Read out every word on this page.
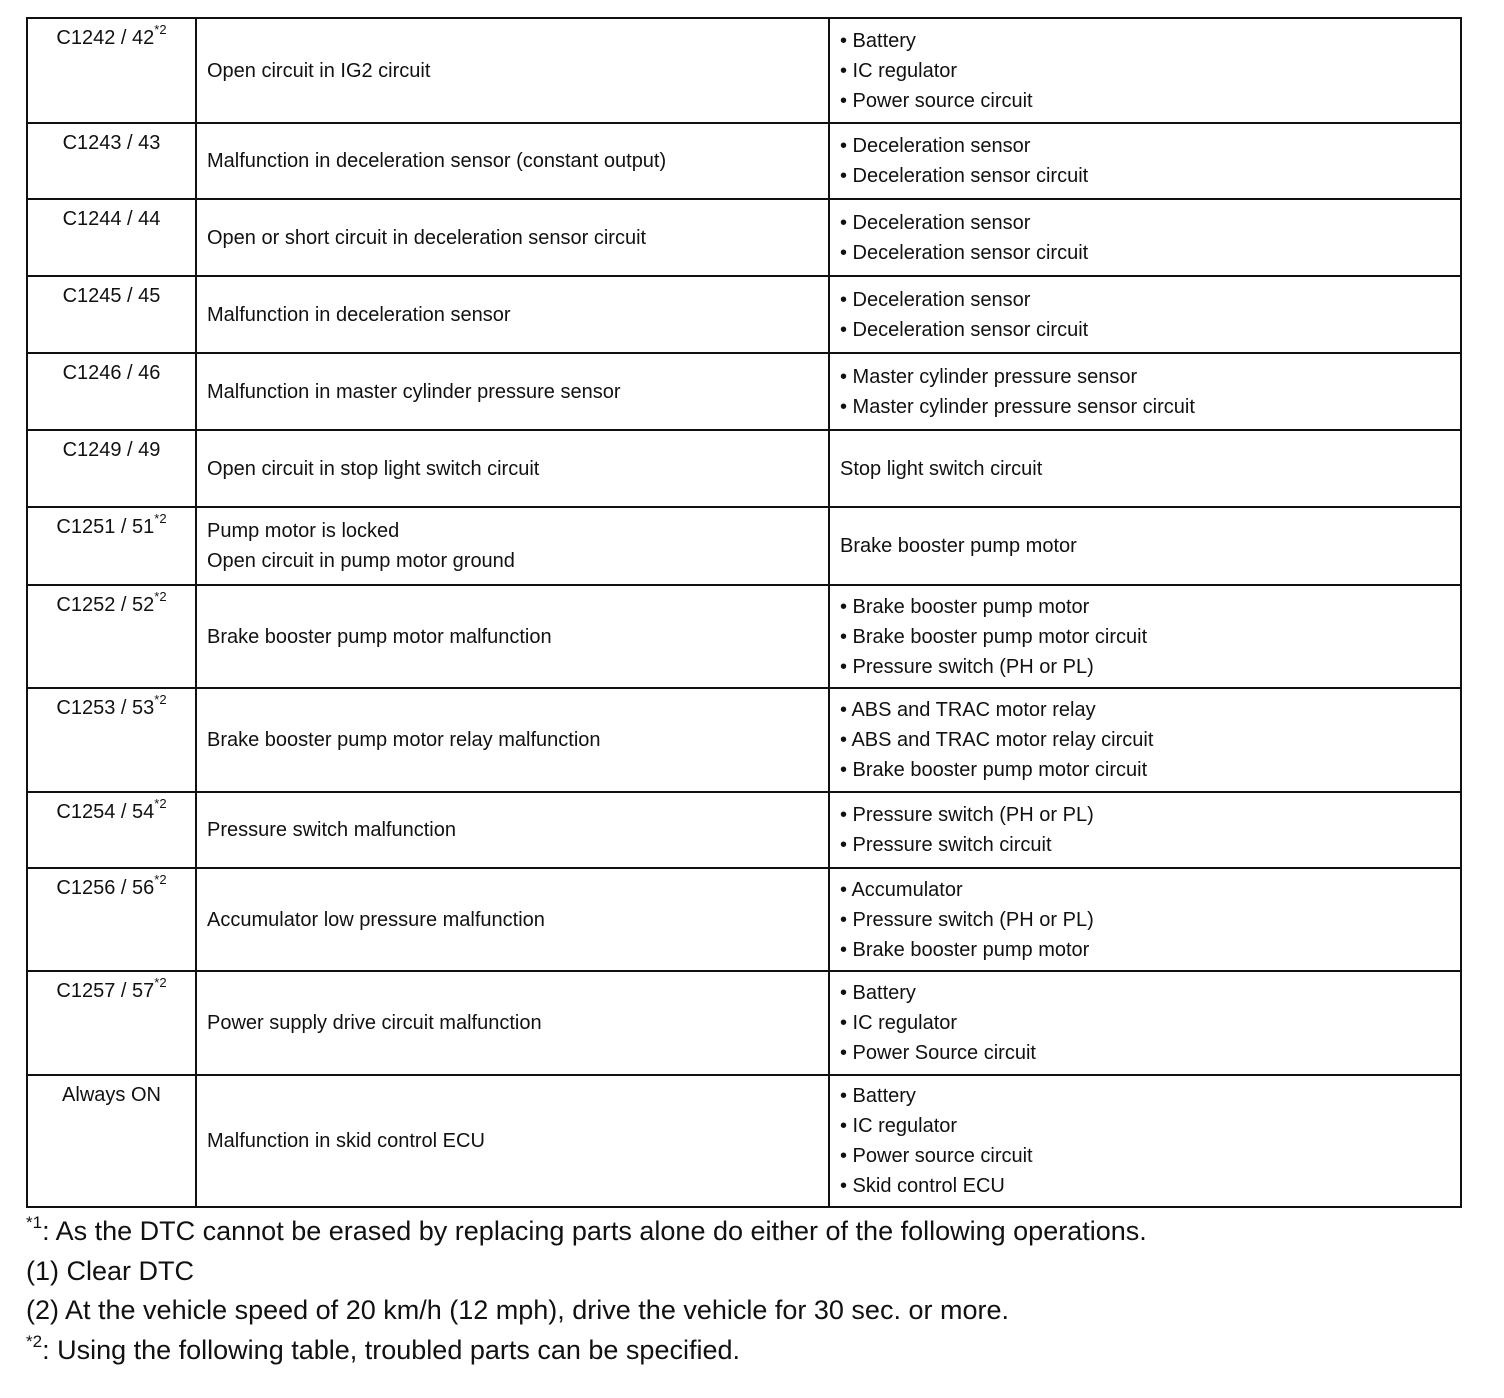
C1242 / 42$^{*2}$	Open circuit in IG2 circuit	• Battery
• IC regulator
• Power source circuit

C1243 / 43	Malfunction in deceleration sensor (constant output)	• Deceleration sensor
• Deceleration sensor circuit

C1244 / 44	Open or short circuit in deceleration sensor circuit	• Deceleration sensor
• Deceleration sensor circuit

C1245 / 45	Malfunction in deceleration sensor	• Deceleration sensor
• Deceleration sensor circuit

C1246 / 46	Malfunction in master cylinder pressure sensor	• Master cylinder pressure sensor
• Master cylinder pressure sensor circuit

C1249 / 49	Open circuit in stop light switch circuit	Stop light switch circuit

C1251 / 51$^{*2}$	Pump motor is locked
Open circuit in pump motor ground	Brake booster pump motor

C1252 / 52$^{*2}$	Brake booster pump motor malfunction	• Brake booster pump motor
• Brake booster pump motor circuit
• Pressure switch (PH or PL)

C1253 / 53$^{*2}$	Brake booster pump motor relay malfunction	• ABS and TRAC motor relay
• ABS and TRAC motor relay circuit
• Brake booster pump motor circuit

C1254 / 54$^{*2}$	Pressure switch malfunction	• Pressure switch (PH or PL)
• Pressure switch circuit

C1256 / 56$^{*2}$	Accumulator low pressure malfunction	• Accumulator
• Pressure switch (PH or PL)
• Brake booster pump motor

C1257 / 57$^{*2}$	Power supply drive circuit malfunction	• Battery
• IC regulator
• Power Source circuit

Always ON	Malfunction in skid control ECU	• Battery
• IC regulator
• Power source circuit
• Skid control ECU
$^{*1}$: As the DTC cannot be erased by replacing parts alone do either of the following operations.
(1) Clear DTC
(2) At the vehicle speed of 20 km/h (12 mph), drive the vehicle for 30 sec. or more.
$^{*2}$: Using the following table, troubled parts can be specified.
